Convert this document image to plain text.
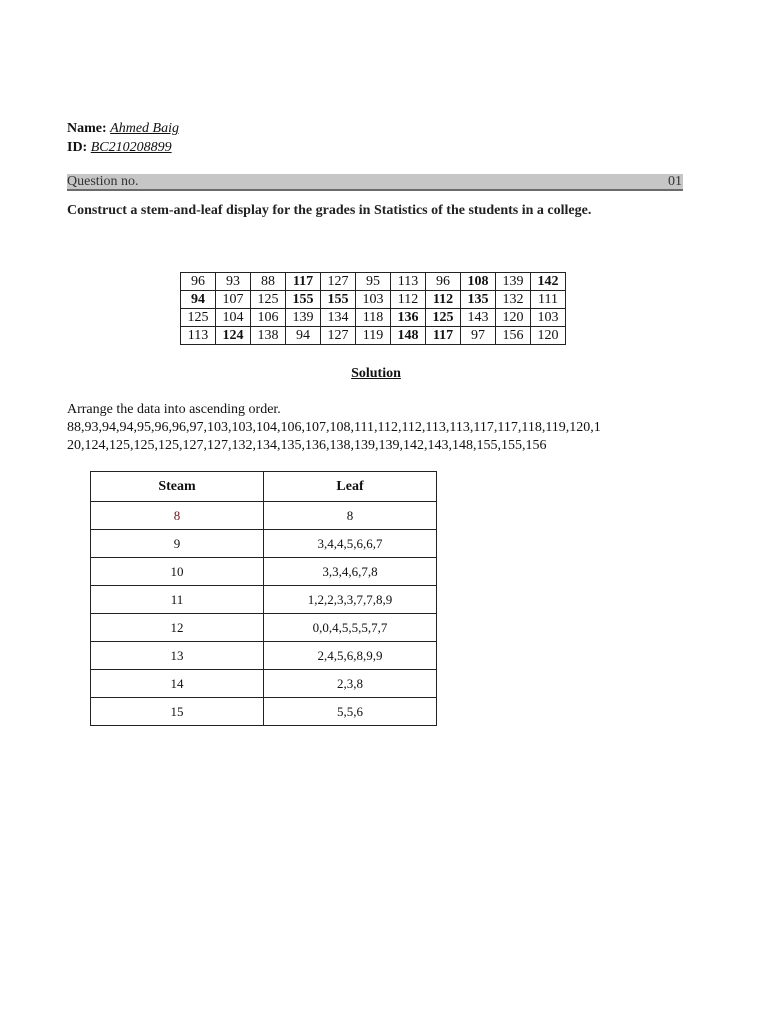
Name: Ahmed Baig
ID: BC210208899
Question no.	01
Construct a stem-and-leaf display for the grades in Statistics of the students in a college.
96	93	88	117	127	95	113	96	108	139	142
94	107	125	155	155	103	112	112	135	132	111
125	104	106	139	134	118	136	125	143	120	103
113	124	138	94	127	119	148	117	97	156	120
Solution
Arrange the data into ascending order.
88,93,94,94,95,96,96,97,103,103,104,106,107,108,111,112,112,113,113,117,117,118,119,120,1
20,124,125,125,125,127,127,132,134,135,136,138,139,139,142,143,148,155,155,156
Steam	Leaf
8	8
9	3,4,4,5,6,6,7
10	3,3,4,6,7,8
11	1,2,2,3,3,7,7,8,9
12	0,0,4,5,5,5,7,7
13	2,4,5,6,8,9,9
14	2,3,8
15	5,5,6
